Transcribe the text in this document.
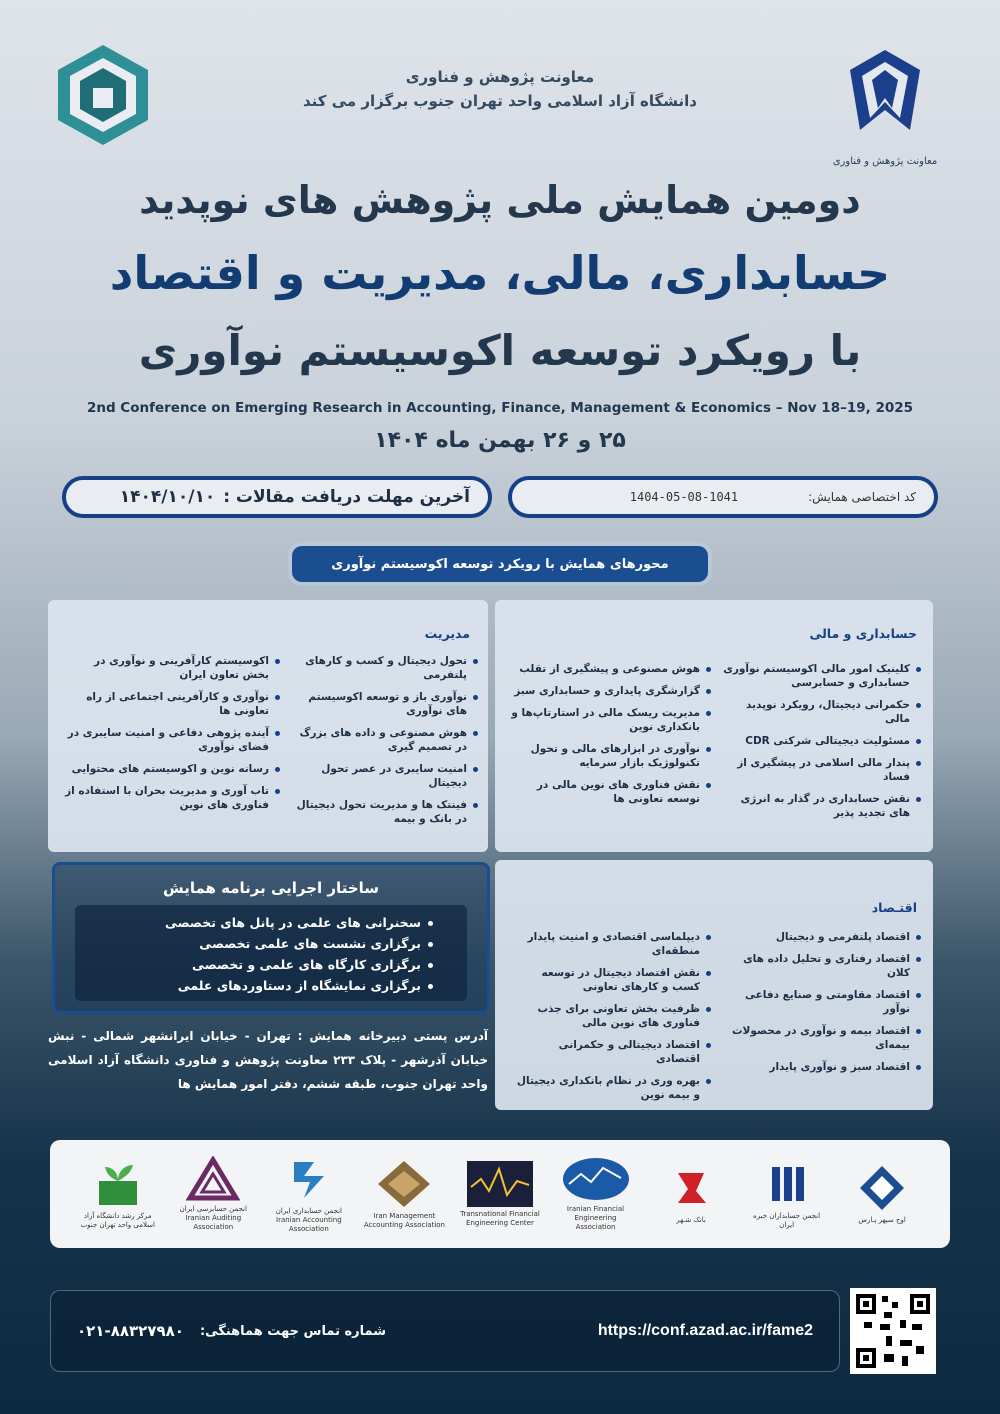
معاونت پژوهش و فناوری
معاونت پژوهش و فناوری
دانشگاه آزاد اسلامی واحد تهران جنوب برگزار می کند
دومین همایش ملی پژوهش های نوپدید
حسابداری، مالی، مدیریت و اقتصاد
با رویکرد توسعه اکوسیستم نوآوری
2nd Conference on Emerging Research in Accounting, Finance, Management & Economics – Nov 18–19, 2025
۲۵ و ۲۶ بهمن ماه ۱۴۰۴
کد اختصاصی همایش:
1404-05-08-1041
آخرین مهلت دریافت مقالات :
۱۴۰۴/۱۰/۱۰
محورهای همایش با رویکرد توسعه اکوسیستم نوآوری
حسابداری و مالی
کلینیک امور مالی اکوسیستم نوآوری حسابداری و حسابرسی
حکمرانی دیجیتال، رویکرد نوپدید مالی
مسئولیت دیجیتالی شرکتی CDR
پندار مالی اسلامی در پیشگیری از فساد
نقش حسابداری در گذار به انرژی های تجدید پذیر
هوش مصنوعی و پیشگیری از تقلب
گزارشگری پایداری و حسابداری سبز
مدیریت ریسک مالی در استارتاپ‌ها و بانکداری نوین
نوآوری در ابزارهای مالی و تحول تکنولوژیک بازار سرمایه
نقش فناوری های نوین مالی در توسعه تعاونی ها
مدیریت
تحول دیجیتال و کسب و کارهای پلتفرمی
نوآوری باز و توسعه اکوسیستم های نوآوری
هوش مصنوعی و داده های بزرگ در تصمیم گیری
امنیت سایبری در عصر تحول دیجیتال
فینتک ها و مدیریت تحول دیجیتال در بانک و بیمه
اکوسیستم کارآفرینی و نوآوری در بخش تعاون ایران
نوآوری و کارآفرینی اجتماعی از راه تعاونی ها
آینده پژوهی دفاعی و امنیت سایبری در فضای نوآوری
رسانه نوین و اکوسیستم های محتوایی
تاب آوری و مدیریت بحران با استفاده از فناوری های نوین
اقتـصاد
اقتصاد پلتفرمی و دیجیتال
اقتصاد رفتاری و تحلیل داده های کلان
اقتصاد مقاومتی و صنایع دفاعی نوآور
اقتصاد بیمه و نوآوری در محصولات بیمه‌ای
اقتصاد سبز و نوآوری پایدار
دیپلماسی اقتصادی و امنیت پایدار منطقه‌ای
نقش اقتصاد دیجیتال در توسعه کسب و کارهای تعاونی
ظرفیت بخش تعاونی برای جذب فناوری های نوین مالی
اقتصاد دیجیتالی و حکمرانی اقتصادی
بهره وری در نظام بانکداری دیجیتال و بیمه نوین
ساختار اجرایی برنامه همایش
سخنرانی های علمی در پانل های تخصصی
برگزاری نشست های علمی تخصصی
برگزاری کارگاه های علمی و تخصصی
برگزاری نمایشگاه از دستاوردهای علمی
آدرس پستی دبیرخانه همایش : تهران - خیابان ایرانشهر شمالی - نبش خیابان آذرشهر - پلاک ۲۳۳ معاونت پژوهش و فناوری دانشگاه آزاد اسلامی واحد تهران جنوب، طبقه ششم، دفتر امور همایش ها
اوج سپهر پـارس
انجمن حسابداران خبره ایران
بانک شـهر
Iranian Financial Engineering Association
Transnational Financial Engineering Center
Iran Management Accounting Association
انجمن حسابداری ایران Iranian Accounting Association
انجمن حسابرسی ایران Iranian Auditing Association
مرکز رشد دانشگاه آزاد اسلامی واحد تهران جنوب
شماره تماس جهت هماهنگی:
۰۲۱-۸۸۳۲۷۹۸۰	https://conf.azad.ac.ir/fame2
